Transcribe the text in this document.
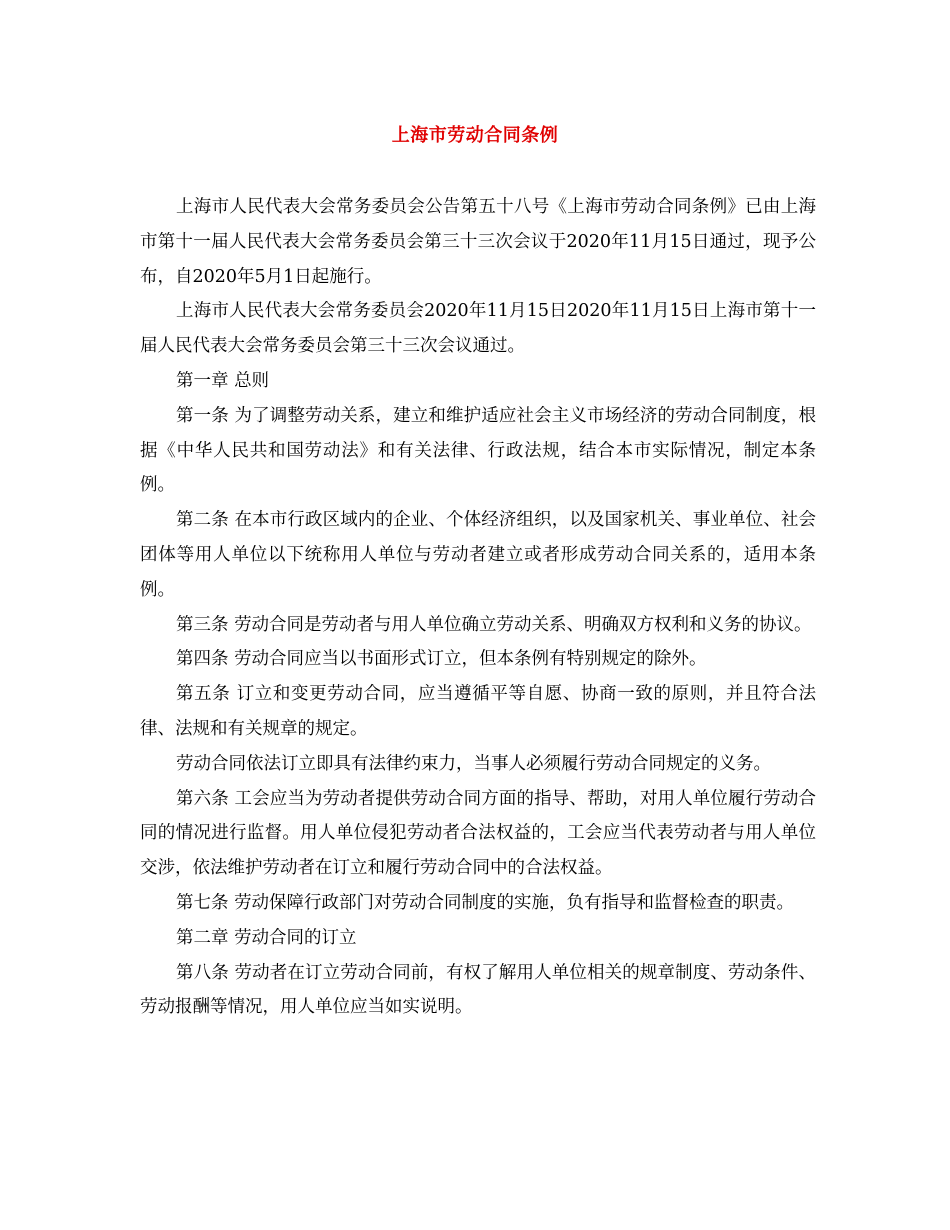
上海市劳动合同条例

上海市人民代表大会常务委员会公告第五十八号《上海市劳动合同条例》已由上海市第十一届人民代表大会常务委员会第三十三次会议于2020年11月15日通过，现予公布，自2020年5月1日起施行。

上海市人民代表大会常务委员会2020年11月15日2020年11月15日上海市第十一届人民代表大会常务委员会第三十三次会议通过。

第一章 总则

第一条 为了调整劳动关系，建立和维护适应社会主义市场经济的劳动合同制度，根据《中华人民共和国劳动法》和有关法律、行政法规，结合本市实际情况，制定本条例。

第二条 在本市行政区域内的企业、个体经济组织，以及国家机关、事业单位、社会团体等用人单位以下统称用人单位与劳动者建立或者形成劳动合同关系的，适用本条例。

第三条 劳动合同是劳动者与用人单位确立劳动关系、明确双方权利和义务的协议。

第四条 劳动合同应当以书面形式订立，但本条例有特别规定的除外。

第五条 订立和变更劳动合同，应当遵循平等自愿、协商一致的原则，并且符合法律、法规和有关规章的规定。

劳动合同依法订立即具有法律约束力，当事人必须履行劳动合同规定的义务。

第六条 工会应当为劳动者提供劳动合同方面的指导、帮助，对用人单位履行劳动合同的情况进行监督。用人单位侵犯劳动者合法权益的，工会应当代表劳动者与用人单位交涉，依法维护劳动者在订立和履行劳动合同中的合法权益。

第七条 劳动保障行政部门对劳动合同制度的实施，负有指导和监督检查的职责。

第二章 劳动合同的订立

第八条 劳动者在订立劳动合同前，有权了解用人单位相关的规章制度、劳动条件、劳动报酬等情况，用人单位应当如实说明。
